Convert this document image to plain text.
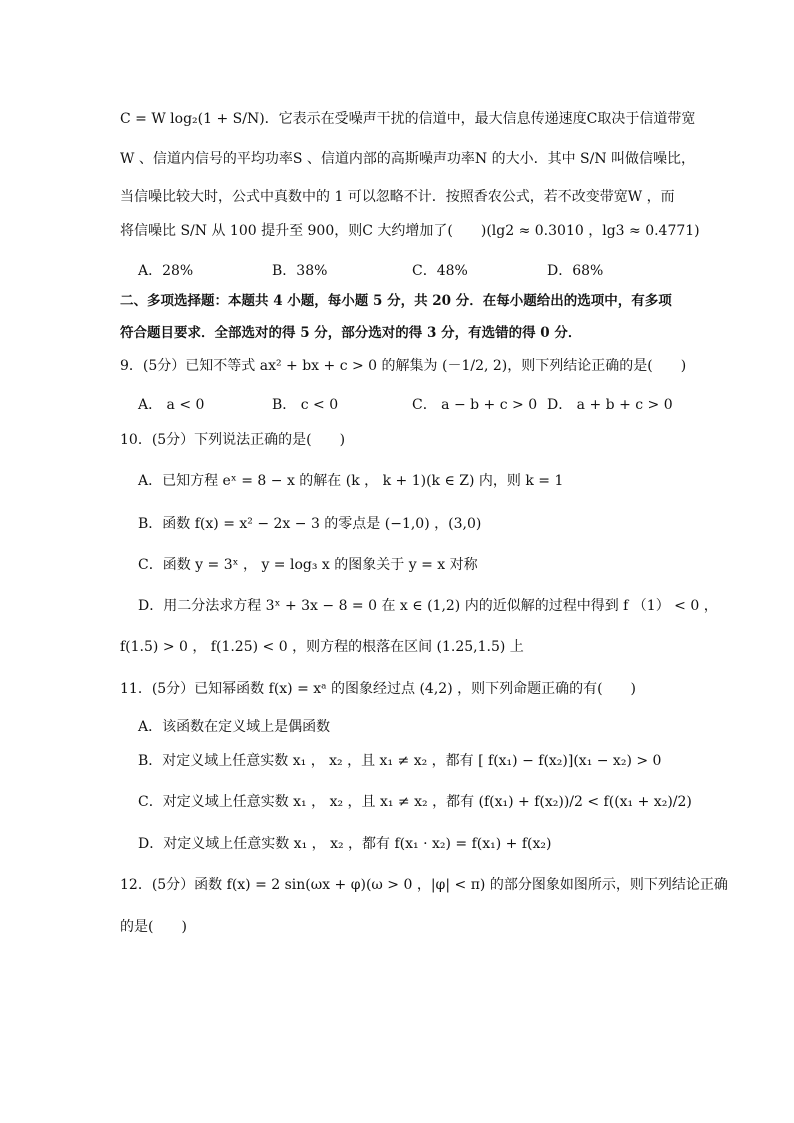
C = W log₂(1 + S/N)．它表示在受噪声干扰的信道中，最大信息传递速度C取决于信道带宽
W 、信道内信号的平均功率S 、信道内部的高斯噪声功率N 的大小．其中 S/N 叫做信噪比，
当信噪比较大时，公式中真数中的 1 可以忽略不计．按照香农公式，若不改变带宽W ，而
将信噪比 S/N 从 100 提升至 900，则C 大约增加了(　　)(lg2 ≈ 0.3010 ，lg3 ≈ 0.4771)
A．28%	B．38%	C．48%	D．68%
二、多项选择题：本题共 4 小题，每小题 5 分，共 20 分．在每小题给出的选项中，有多项
符合题目要求．全部选对的得 5 分，部分选对的得 3 分，有选错的得 0 分．
9．(5分）已知不等式 ax² + bx + c > 0 的解集为 (－1/2, 2)，则下列结论正确的是(　　)
A． a < 0	B． c < 0	C． a − b + c > 0 D． a + b + c > 0
10．(5分）下列说法正确的是(　　)
A．已知方程 eˣ = 8 − x 的解在 (k ， k + 1)(k ∈ Z) 内，则 k = 1
B．函数 f(x) = x² − 2x − 3 的零点是 (−1,0) ，(3,0)
C．函数 y = 3ˣ ， y = log₃ x 的图象关于 y = x 对称
D．用二分法求方程 3ˣ + 3x − 8 = 0 在 x ∈ (1,2) 内的近似解的过程中得到 f （1） < 0 ，
f(1.5) > 0 ， f(1.25) < 0 ，则方程的根落在区间 (1.25,1.5) 上
11．(5分）已知幂函数 f(x) = xᵃ 的图象经过点 (4,2) ，则下列命题正确的有(　　)
A．该函数在定义域上是偶函数
B．对定义域上任意实数 x₁ ， x₂ ，且 x₁ ≠ x₂ ，都有 [ f(x₁) − f(x₂)](x₁ − x₂) > 0
C．对定义域上任意实数 x₁ ， x₂ ，且 x₁ ≠ x₂ ，都有 (f(x₁) + f(x₂))/2 < f((x₁ + x₂)/2)
D．对定义域上任意实数 x₁ ， x₂ ，都有 f(x₁ · x₂) = f(x₁) + f(x₂)
12．(5分）函数 f(x) = 2 sin(ωx + φ)(ω > 0 ，|φ| < π) 的部分图象如图所示，则下列结论正确
的是(　　)
